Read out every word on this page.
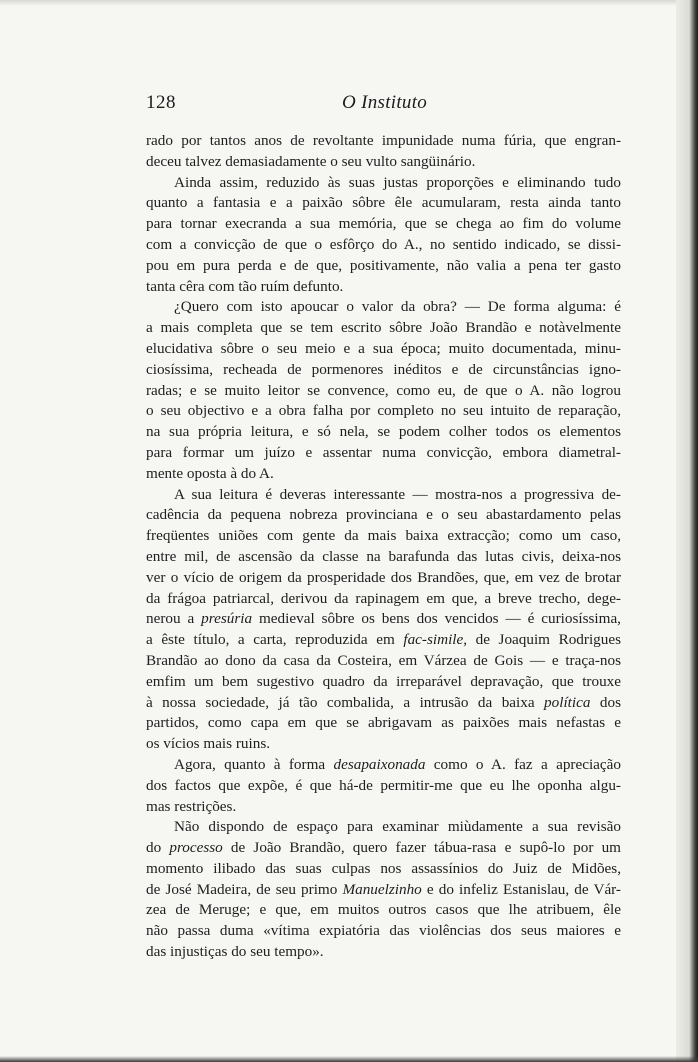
128	O Instituto
rado por tantos anos de revoltante impunidade numa fúria, que engran-
deceu talvez demasiadamente o seu vulto sangüinário.
Ainda assim, reduzido às suas justas proporções e eliminando tudo
quanto a fantasia e a paixão sôbre êle acumularam, resta ainda tanto
para tornar execranda a sua memória, que se chega ao fim do volume
com a convicção de que o esfôrço do A., no sentido indicado, se dissi-
pou em pura perda e de que, positivamente, não valia a pena ter gasto
tanta cêra com tão ruím defunto.
¿Quero com isto apoucar o valor da obra? — De forma alguma: é
a mais completa que se tem escrito sôbre João Brandão e notàvelmente
elucidativa sôbre o seu meio e a sua época; muito documentada, minu-
ciosíssima, recheada de pormenores inéditos e de circunstâncias igno-
radas; e se muito leitor se convence, como eu, de que o A. não logrou
o seu objectivo e a obra falha por completo no seu intuito de reparação,
na sua própria leitura, e só nela, se podem colher todos os elementos
para formar um juízo e assentar numa convicção, embora diametral-
mente oposta à do A.
A sua leitura é deveras interessante — mostra-nos a progressiva de-
cadência da pequena nobreza provinciana e o seu abastardamento pelas
freqüentes uniões com gente da mais baixa extracção; como um caso,
entre mil, de ascensão da classe na barafunda das lutas civis, deixa-nos
ver o vício de origem da prosperidade dos Brandões, que, em vez de brotar
da frágoa patriarcal, derivou da rapinagem em que, a breve trecho, dege-
nerou a presúria medieval sôbre os bens dos vencidos — é curiosíssima,
a êste título, a carta, reproduzida em fac-simile, de Joaquim Rodrigues
Brandão ao dono da casa da Costeira, em Várzea de Gois — e traça-nos
emfim um bem sugestivo quadro da irreparável depravação, que trouxe
à nossa sociedade, já tão combalida, a intrusão da baixa política dos
partidos, como capa em que se abrigavam as paixões mais nefastas e
os vícios mais ruins.
Agora, quanto à forma desapaixonada como o A. faz a apreciação
dos factos que expõe, é que há-de permitir-me que eu lhe oponha algu-
mas restrições.
Não dispondo de espaço para examinar miùdamente a sua revisão
do processo de João Brandão, quero fazer tábua-rasa e supô-lo por um
momento ilibado das suas culpas nos assassínios do Juiz de Midões,
de José Madeira, de seu primo Manuelzinho e do infeliz Estanislau, de Vár-
zea de Meruge; e que, em muitos outros casos que lhe atribuem, êle
não passa duma «vítima expiatória das violências dos seus maiores e
das injustiças do seu tempo».
